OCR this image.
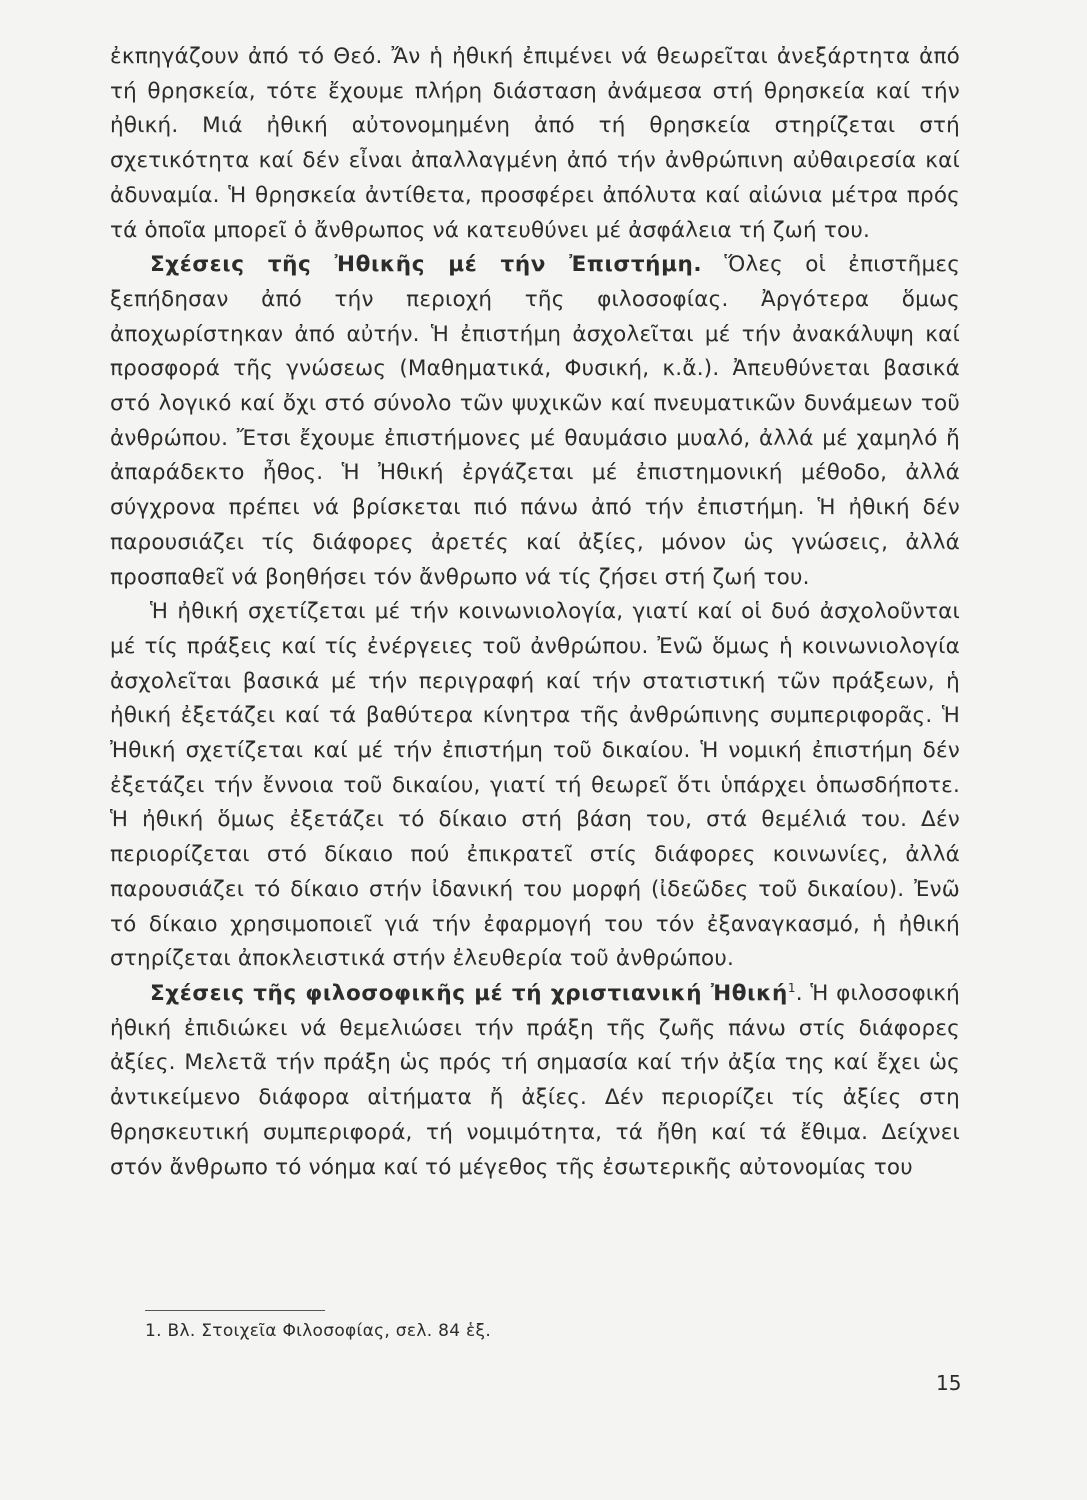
ἐκπηγάζουν ἀπό τό Θεό. Ἄν ἡ ἠθική ἐπιμένει νά θεωρεῖται ἀνεξάρτητα ἀπό τή θρησκεία, τότε ἔχουμε πλήρη διάσταση ἀνάμεσα στή θρησκεία καί τήν ἠθική. Μιά ἠθική αὐτονομημένη ἀπό τή θρησκεία στηρίζεται στή σχετικότητα καί δέν εἶναι ἀπαλλαγμένη ἀπό τήν ἀνθρώπινη αὐθαιρεσία καί ἀδυναμία. Ἡ θρησκεία ἀντίθετα, προσφέρει ἀπόλυτα καί αἰώνια μέτρα πρός τά ὁποῖα μπορεῖ ὁ ἄνθρωπος νά κατευθύνει μέ ἀσφάλεια τή ζωή του.

Σχέσεις τῆς Ἠθικῆς μέ τήν Ἐπιστήμη. Ὅλες οἱ ἐπιστῆμες ξεπήδησαν ἀπό τήν περιοχή τῆς φιλοσοφίας. Ἀργότερα ὅμως ἀποχωρίστηκαν ἀπό αὐτήν. Ἡ ἐπιστήμη ἀσχολεῖται μέ τήν ἀνακάλυψη καί προσφορά τῆς γνώσεως (Μαθηματικά, Φυσική, κ.ἄ.). Ἀπευθύνεται βασικά στό λογικό καί ὄχι στό σύνολο τῶν ψυχικῶν καί πνευματικῶν δυνάμεων τοῦ ἀνθρώπου. Ἔτσι ἔχουμε ἐπιστήμονες μέ θαυμάσιο μυαλό, ἀλλά μέ χαμηλό ἤ ἀπαράδεκτο ἦθος. Ἡ Ἠθική ἐργάζεται μέ ἐπιστημονική μέθοδο, ἀλλά σύγχρονα πρέπει νά βρίσκεται πιό πάνω ἀπό τήν ἐπιστήμη. Ἡ ἠθική δέν παρουσιάζει τίς διάφορες ἀρετές καί ἀξίες, μόνον ὡς γνώσεις, ἀλλά προσπαθεῖ νά βοηθήσει τόν ἄνθρωπο νά τίς ζήσει στή ζωή του.

Ἡ ἠθική σχετίζεται μέ τήν κοινωνιολογία, γιατί καί οἱ δυό ἀσχολοῦνται μέ τίς πράξεις καί τίς ἐνέργειες τοῦ ἀνθρώπου. Ἐνῶ ὅμως ἡ κοινωνιολογία ἀσχολεῖται βασικά μέ τήν περιγραφή καί τήν στατιστική τῶν πράξεων, ἡ ἠθική ἐξετάζει καί τά βαθύτερα κίνητρα τῆς ἀνθρώπινης συμπεριφορᾶς. Ἡ Ἠθική σχετίζεται καί μέ τήν ἐπιστήμη τοῦ δικαίου. Ἡ νομική ἐπιστήμη δέν ἐξετάζει τήν ἔννοια τοῦ δικαίου, γιατί τή θεωρεῖ ὅτι ὑπάρχει ὁπωσδήποτε. Ἡ ἠθική ὅμως ἐξετάζει τό δίκαιο στή βάση του, στά θεμέλιά του. Δέν περιορίζεται στό δίκαιο πού ἐπικρατεῖ στίς διάφορες κοινωνίες, ἀλλά παρουσιάζει τό δίκαιο στήν ἰδανική του μορφή (ἰδεῶδες τοῦ δικαίου). Ἐνῶ τό δίκαιο χρησιμοποιεῖ γιά τήν ἐφαρμογή του τόν ἐξαναγκασμό, ἡ ἠθική στηρίζεται ἀποκλειστικά στήν ἐλευθερία τοῦ ἀνθρώπου.

Σχέσεις τῆς φιλοσοφικῆς μέ τή χριστιανική Ἠθική$^1$. Ἡ φιλοσοφική ἠθική ἐπιδιώκει νά θεμελιώσει τήν πράξη τῆς ζωῆς πάνω στίς διάφορες ἀξίες. Μελετᾶ τήν πράξη ὡς πρός τή σημασία καί τήν ἀξία της καί ἔχει ὡς ἀντικείμενο διάφορα αἰτήματα ἤ ἀξίες. Δέν περιορίζει τίς ἀξίες στη θρησκευτική συμπεριφορά, τή νομιμότητα, τά ἤθη καί τά ἔθιμα. Δείχνει στόν ἄνθρωπο τό νόημα καί τό μέγεθος τῆς ἐσωτερικῆς αὐτονομίας του

1. Βλ. Στοιχεῖα Φιλοσοφίας, σελ. 84 ἑξ.
15
